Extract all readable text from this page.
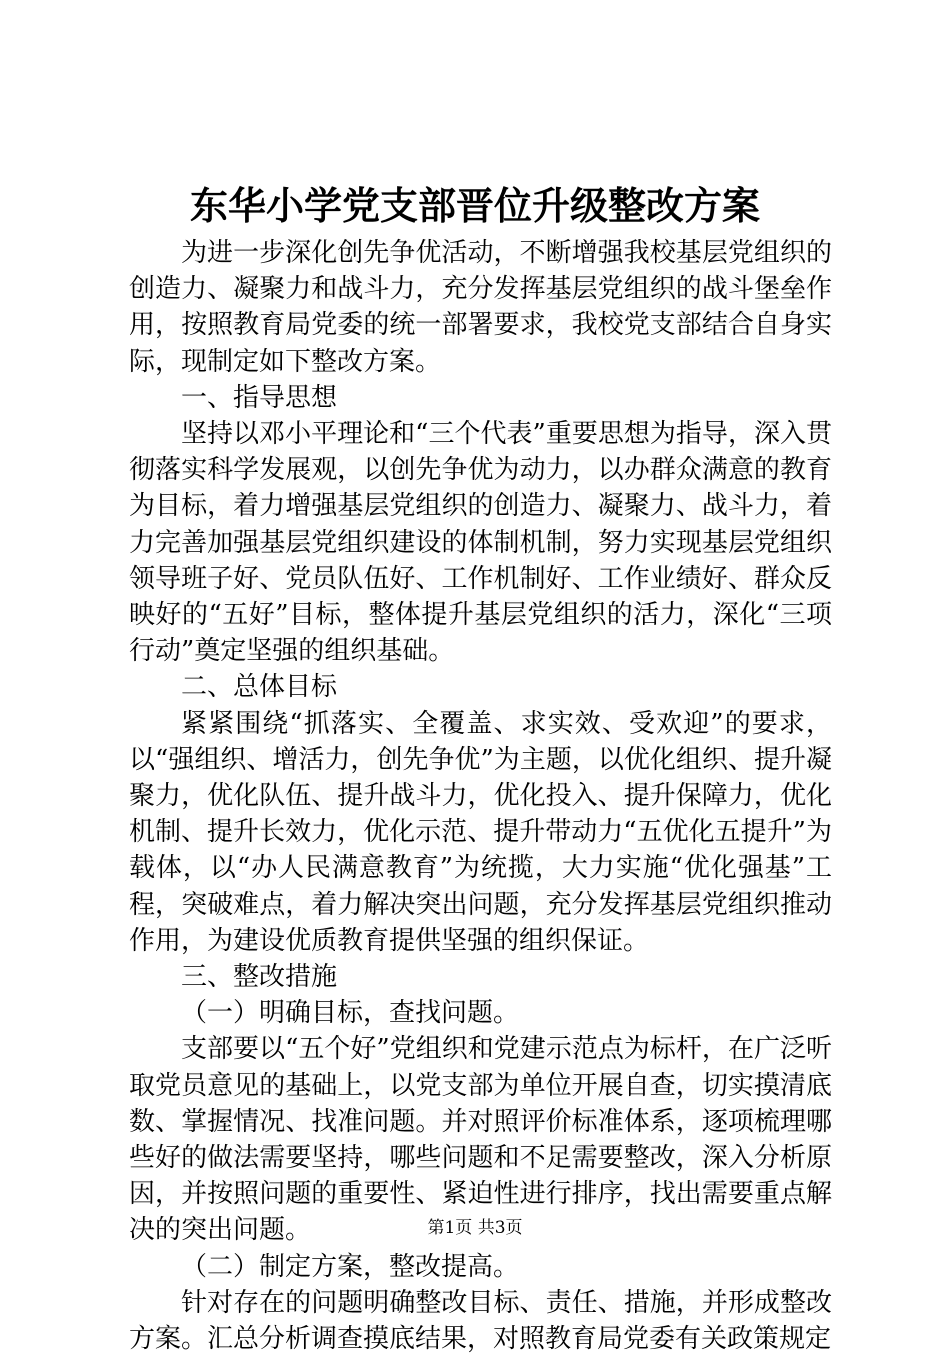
东华小学党支部晋位升级整改方案

为进一步深化创先争优活动，不断增强我校基层党组织的创造力、凝聚力和战斗力，充分发挥基层党组织的战斗堡垒作用，按照教育局党委的统一部署要求，我校党支部结合自身实际，现制定如下整改方案。

一、指导思想

坚持以邓小平理论和“三个代表”重要思想为指导，深入贯彻落实科学发展观，以创先争优为动力，以办群众满意的教育为目标，着力增强基层党组织的创造力、凝聚力、战斗力，着力完善加强基层党组织建设的体制机制，努力实现基层党组织领导班子好、党员队伍好、工作机制好、工作业绩好、群众反映好的“五好”目标，整体提升基层党组织的活力，深化“三项行动”奠定坚强的组织基础。

二、总体目标

紧紧围绕“抓落实、全覆盖、求实效、受欢迎”的要求，以“强组织、增活力，创先争优”为主题，以优化组织、提升凝聚力，优化队伍、提升战斗力，优化投入、提升保障力，优化机制、提升长效力，优化示范、提升带动力“五优化五提升”为载体，以“办人民满意教育”为统揽，大力实施“优化强基”工程，突破难点，着力解决突出问题，充分发挥基层党组织推动作用，为建设优质教育提供坚强的组织保证。

三、整改措施

（一）明确目标，查找问题。

支部要以“五个好”党组织和党建示范点为标杆，在广泛听取党员意见的基础上，以党支部为单位开展自查，切实摸清底数、掌握情况、找准问题。并对照评价标准体系，逐项梳理哪些好的做法需要坚持，哪些问题和不足需要整改，深入分析原因，并按照问题的重要性、紧迫性进行排序，找出需要重点解决的突出问题。

（二）制定方案，整改提高。

针对存在的问题明确整改目标、责任、措施，并形成整改方案。汇总分析调查摸底结果，对照教育局党委有关政策规定

第1页 共3页
